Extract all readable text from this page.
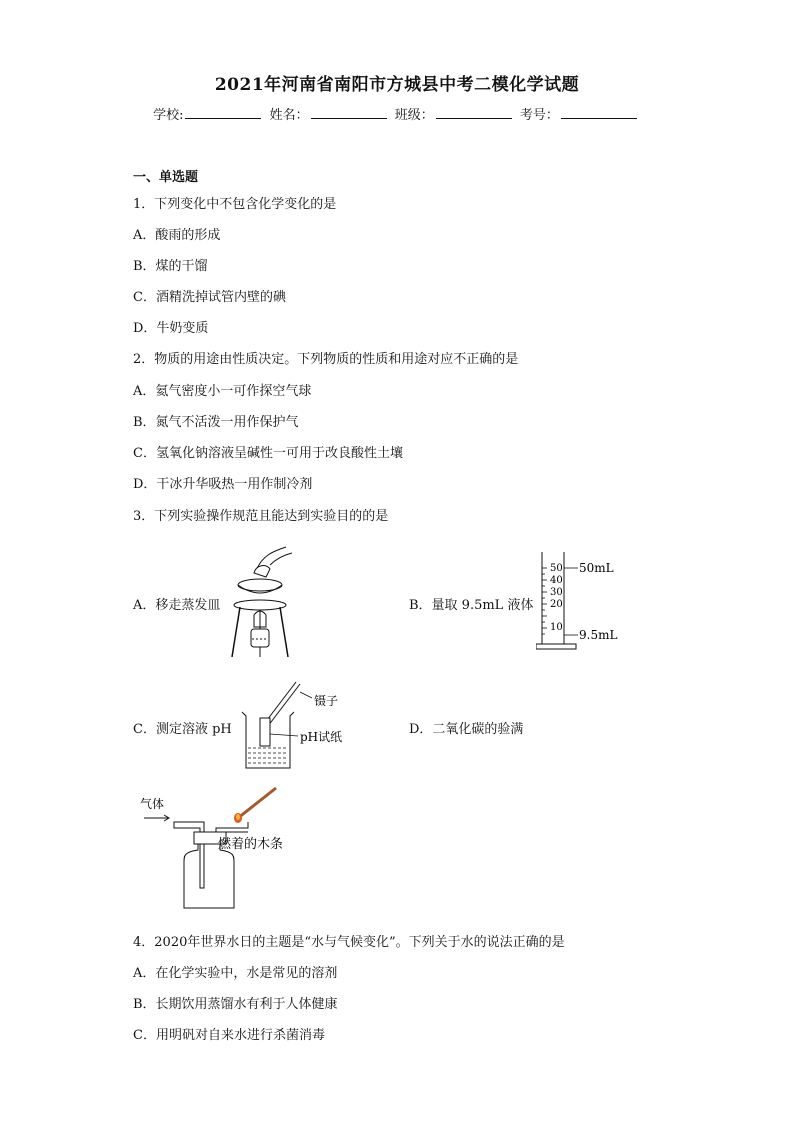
2021年河南省南阳市方城县中考二模化学试题
学校:	姓名：	班级：	考号：
一、单选题
1．下列变化中不包含化学变化的是
A．酸雨的形成
B．煤的干馏
C．酒精洗掉试管内壁的碘
D．牛奶变质
2．物质的用途由性质决定。下列物质的性质和用途对应不正确的是
A．氦气密度小一可作探空气球
B．氮气不活泼一用作保护气
C．氢氧化钠溶液呈碱性一可用于改良酸性土壤
D．干冰升华吸热一用作制冷剂
3．下列实验操作规范且能达到实验目的的是
A．移走蒸发皿	B．量取 9.5mL 液体
50
40
30
20
10
50mL
9.5mL
C．测定溶液 pH
镊子
pH试纸	D．二氧化碳的验满
气体
燃着的木条
4．2020年世界水日的主题是“水与气候变化”。下列关于水的说法正确的是
A．在化学实验中，水是常见的溶剂
B．长期饮用蒸馏水有利于人体健康
C．用明矾对自来水进行杀菌消毒
